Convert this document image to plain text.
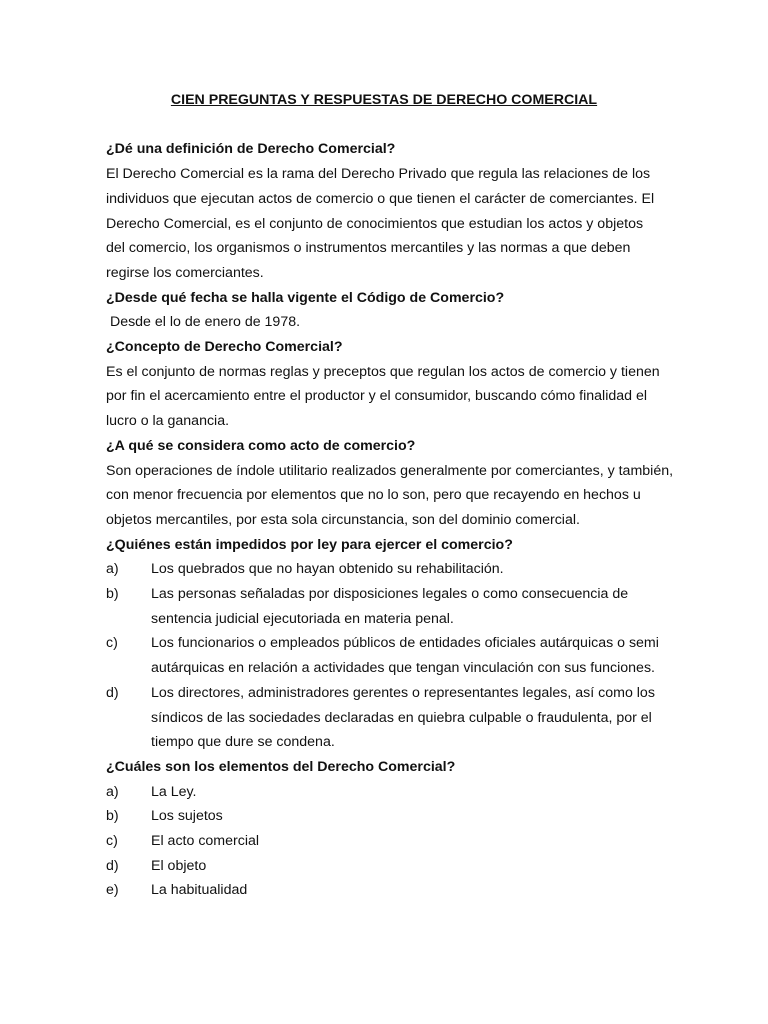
CIEN PREGUNTAS Y RESPUESTAS DE DERECHO COMERCIAL

¿Dé una definición de Derecho Comercial?

El Derecho Comercial es la rama del Derecho Privado que regula las relaciones de los

individuos que ejecutan actos de comercio o que tienen el carácter de comerciantes. El

Derecho Comercial, es el conjunto de conocimientos que estudian los actos y objetos

del comercio, los organismos o instrumentos mercantiles y las normas a que deben

regirse los comerciantes.

¿Desde qué fecha se halla vigente el Código de Comercio?

Desde el lo de enero de 1978.

¿Concepto de Derecho Comercial?

Es el conjunto de normas reglas y preceptos que regulan los actos de comercio y tienen

por fin el acercamiento entre el productor y el consumidor, buscando cómo finalidad el

lucro o la ganancia.

¿A qué se considera como acto de comercio?

Son operaciones de índole utilitario realizados generalmente por comerciantes, y también,

con menor frecuencia por elementos que no lo son, pero que recayendo en hechos u

objetos mercantiles, por esta sola circunstancia, son del dominio comercial.

¿Quiénes están impedidos por ley para ejercer el comercio?

a)	Los quebrados que no hayan obtenido su rehabilitación.
b)	Las personas señaladas por disposiciones legales o como consecuencia de
sentencia judicial ejecutoriada en materia penal.
c)	Los funcionarios o empleados públicos de entidades oficiales autárquicas o semi
autárquicas en relación a actividades que tengan vinculación con sus funciones.
d)	Los directores, administradores gerentes o representantes legales, así como los
síndicos de las sociedades declaradas en quiebra culpable o fraudulenta, por el
tiempo que dure se condena.

¿Cuáles son los elementos del Derecho Comercial?

a)	La Ley.
b)	Los sujetos
c)	El acto comercial
d)	El objeto
e)	La habitualidad
